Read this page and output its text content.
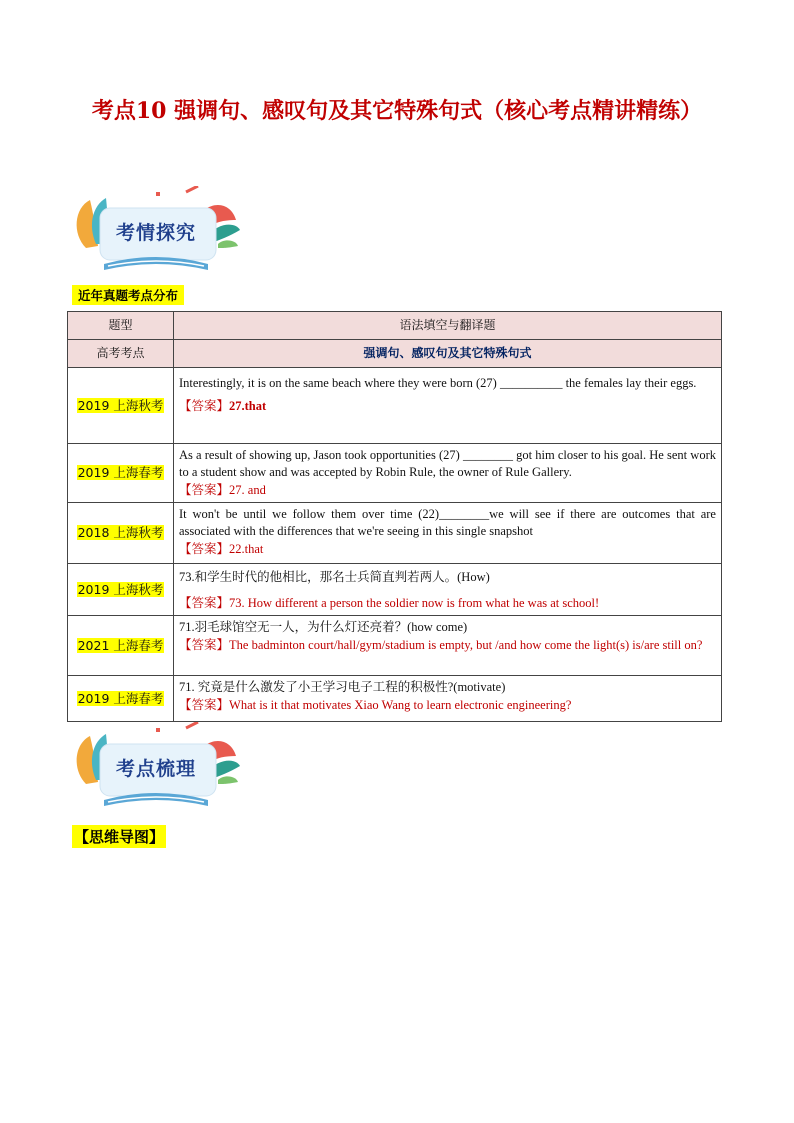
考点10 强调句、感叹句及其它特殊句式（核心考点精讲精练）
考情探究
近年真题考点分布
题型	语法填空与翻译题
高考考点	强调句、感叹句及其它特殊句式
2019 上海秋考	Interestingly, it is on the same beach where they were born (27) __________ the females lay their eggs.
【答案】27.that

2019 上海春考	As a result of showing up, Jason took opportunities (27) ________ got him closer to his goal. He sent work to a student show and was accepted by Robin Rule, the owner of Rule Gallery.
【答案】27. and

2018 上海秋考	It won't be until we follow them over time (22)________we will see if there are outcomes that are associated with the differences that we're seeing in this single snapshot
【答案】22.that

2019 上海秋考	73.和学生时代的他相比，那名士兵简直判若两人。(How)
【答案】73. How different a person the soldier now is from what he was at school!

2021 上海春考	71.羽毛球馆空无一人，为什么灯还亮着？(how come)
【答案】The badminton court/hall/gym/stadium is empty, but /and how come the light(s) is/are still on?

2019 上海春考	71. 究竟是什么激发了小王学习电子工程的积极性?(motivate)
【答案】What is it that motivates Xiao Wang to learn electronic engineering?
考点梳理
【思维导图】
